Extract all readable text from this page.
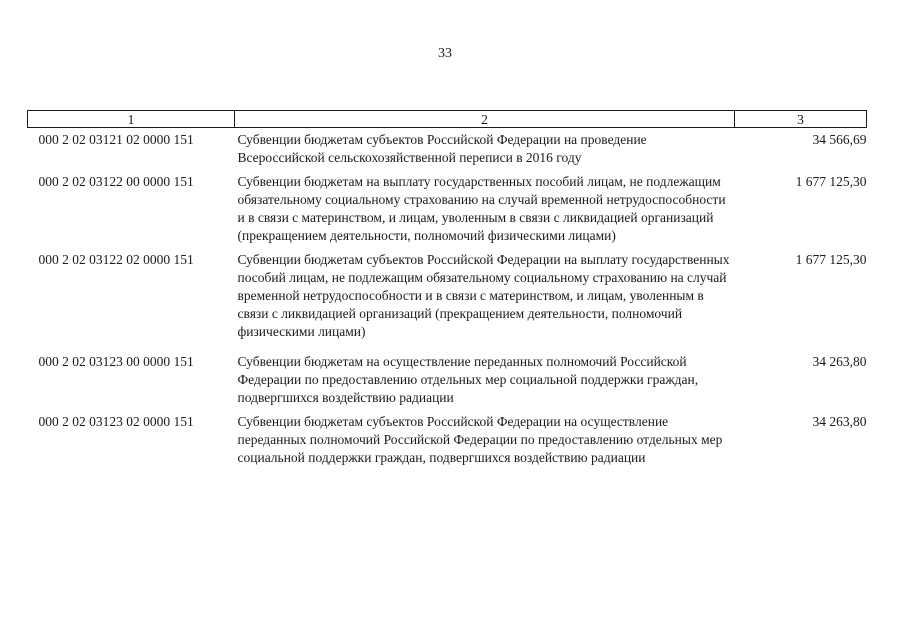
33
1	2	3
000 2 02 03121 02 0000 151	Субвенции бюджетам субъектов Российской Федерации на проведение Всероссийской сельскохозяйственной переписи в 2016 году	34 566,69
000 2 02 03122 00 0000 151	Субвенции бюджетам на выплату государственных пособий лицам, не подлежащим обязательному социальному страхованию на случай временной нетрудоспособности и в связи с материнством, и лицам, уволенным в связи с ликвидацией организаций (прекращением деятельности, полномочий физическими лицами)	1 677 125,30
000 2 02 03122 02 0000 151	Субвенции бюджетам субъектов Российской Федерации на выплату государственных пособий лицам, не подлежащим обязательному социальному страхованию на случай временной нетрудоспособности и в связи с материнством, и лицам, уволенным в связи с ликвидацией организаций (прекращением деятельности, полномочий физическими лицами)	1 677 125,30
000 2 02 03123 00 0000 151	Субвенции бюджетам на осуществление переданных полномочий Российской Федерации по предоставлению отдельных мер социальной поддержки граждан, подвергшихся воздействию радиации	34 263,80
000 2 02 03123 02 0000 151	Субвенции бюджетам субъектов Российской Федерации на осуществление переданных полномочий Российской Федерации по предоставлению отдельных мер социальной поддержки граждан, подвергшихся воздействию радиации	34 263,80
